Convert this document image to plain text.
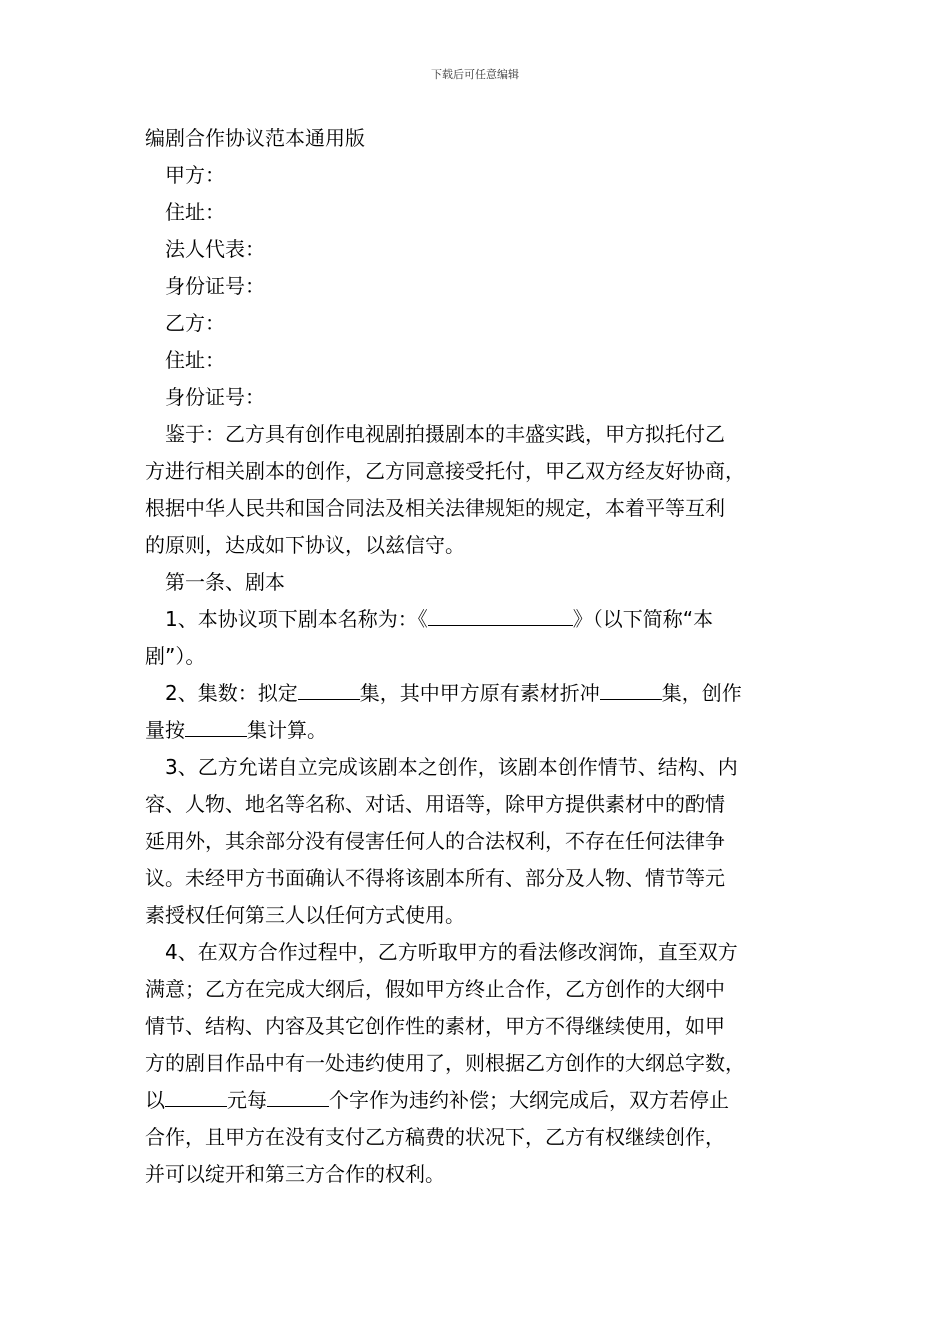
下载后可任意编辑
编剧合作协议范本通用版
甲方：
住址：
法人代表：
身份证号：
乙方：
住址：
身份证号：
鉴于：乙方具有创作电视剧拍摄剧本的丰盛实践，甲方拟托付乙
方进行相关剧本的创作，乙方同意接受托付，甲乙双方经友好协商，
根据中华人民共和国合同法及相关法律规矩的规定，本着平等互利
的原则，达成如下协议，以兹信守。
第一条、剧本
1、本协议项下剧本名称为：《	》（以下简称“本
剧”）。
2、集数：拟定	集，其中甲方原有素材折冲	集，创作
量按	集计算。
3、乙方允诺自立完成该剧本之创作，该剧本创作情节、结构、内
容、人物、地名等名称、对话、用语等，除甲方提供素材中的酌情
延用外，其余部分没有侵害任何人的合法权利，不存在任何法律争
议。未经甲方书面确认不得将该剧本所有、部分及人物、情节等元
素授权任何第三人以任何方式使用。
4、在双方合作过程中，乙方听取甲方的看法修改润饰，直至双方
满意；乙方在完成大纲后，假如甲方终止合作，乙方创作的大纲中
情节、结构、内容及其它创作性的素材，甲方不得继续使用，如甲
方的剧目作品中有一处违约使用了，则根据乙方创作的大纲总字数，
以	元每	个字作为违约补偿；大纲完成后，双方若停止
合作，且甲方在没有支付乙方稿费的状况下，乙方有权继续创作，
并可以绽开和第三方合作的权利。
